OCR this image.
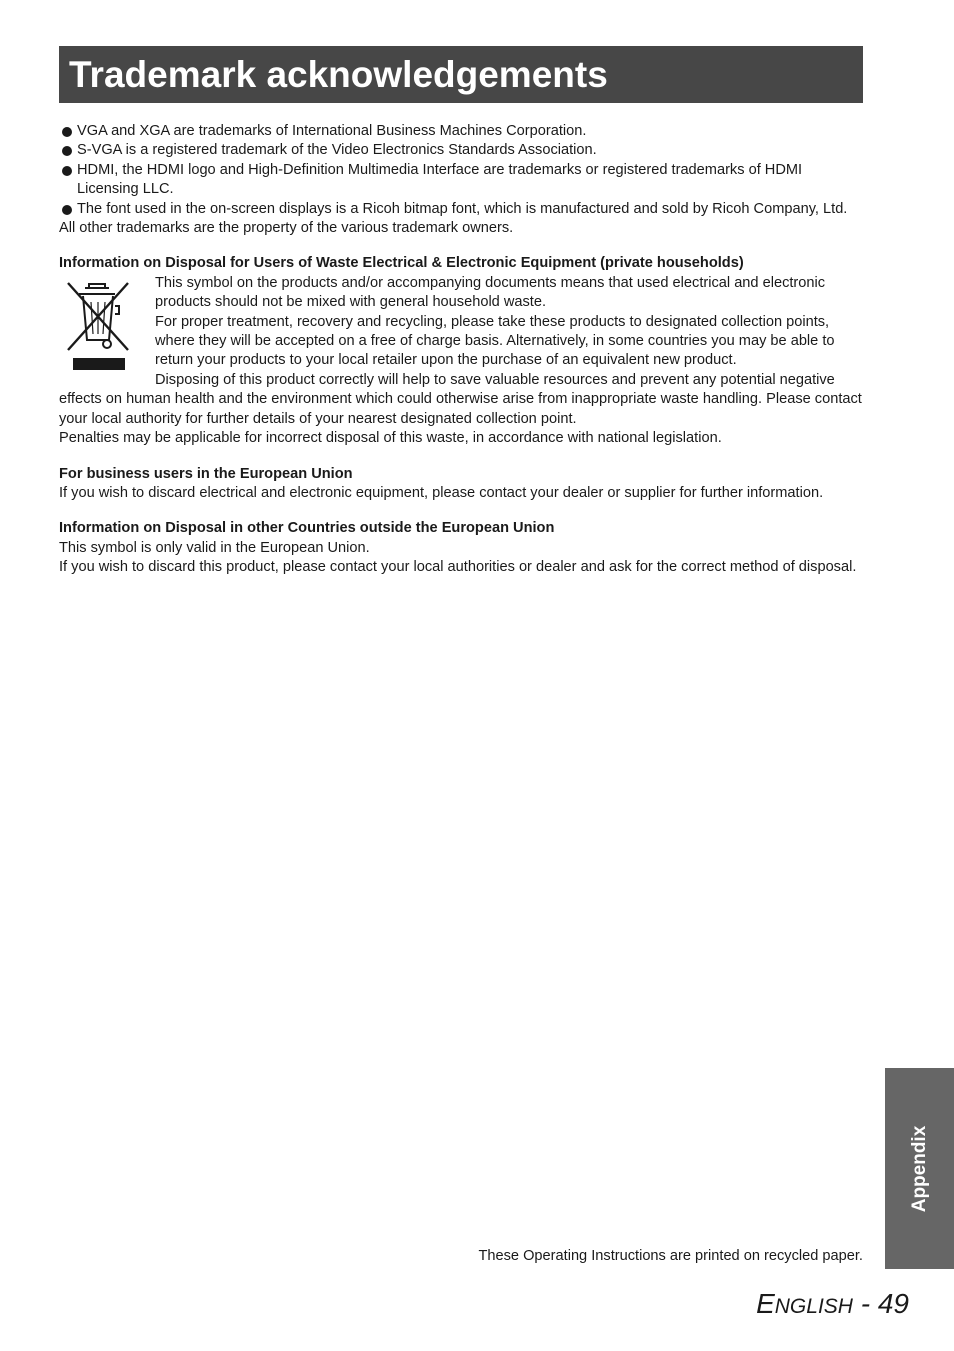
Trademark acknowledgements
VGA and XGA are trademarks of International Business Machines Corporation.
S-VGA is a registered trademark of the Video Electronics Standards Association.
HDMI, the HDMI logo and High-Definition Multimedia Interface are trademarks or registered trademarks of HDMI Licensing LLC.
The font used in the on-screen displays is a Ricoh bitmap font, which is manufactured and sold by Ricoh Company, Ltd.

All other trademarks are the property of the various trademark owners.

Information on Disposal for Users of Waste Electrical & Electronic Equipment (private households)

This symbol on the products and/or accompanying documents means that used electrical and electronic products should not be mixed with general household waste.

For proper treatment, recovery and recycling, please take these products to designated collection points, where they will be accepted on a free of charge basis. Alternatively, in some countries you may be able to return your products to your local retailer upon the purchase of an equivalent new product.

Disposing of this product correctly will help to save valuable resources and prevent any potential negative effects on human health and the environment which could otherwise arise from inappropriate waste handling. Please contact your local authority for further details of your nearest designated collection point.

Penalties may be applicable for incorrect disposal of this waste, in accordance with national legislation.

For business users in the European Union

If you wish to discard electrical and electronic equipment, please contact your dealer or supplier for further information.

Information on Disposal in other Countries outside the European Union

This symbol is only valid in the European Union.

If you wish to discard this product, please contact your local authorities or dealer and ask for the correct method of disposal.

Appendix
These Operating Instructions are printed on recycled paper.
ENGLISH - 49
